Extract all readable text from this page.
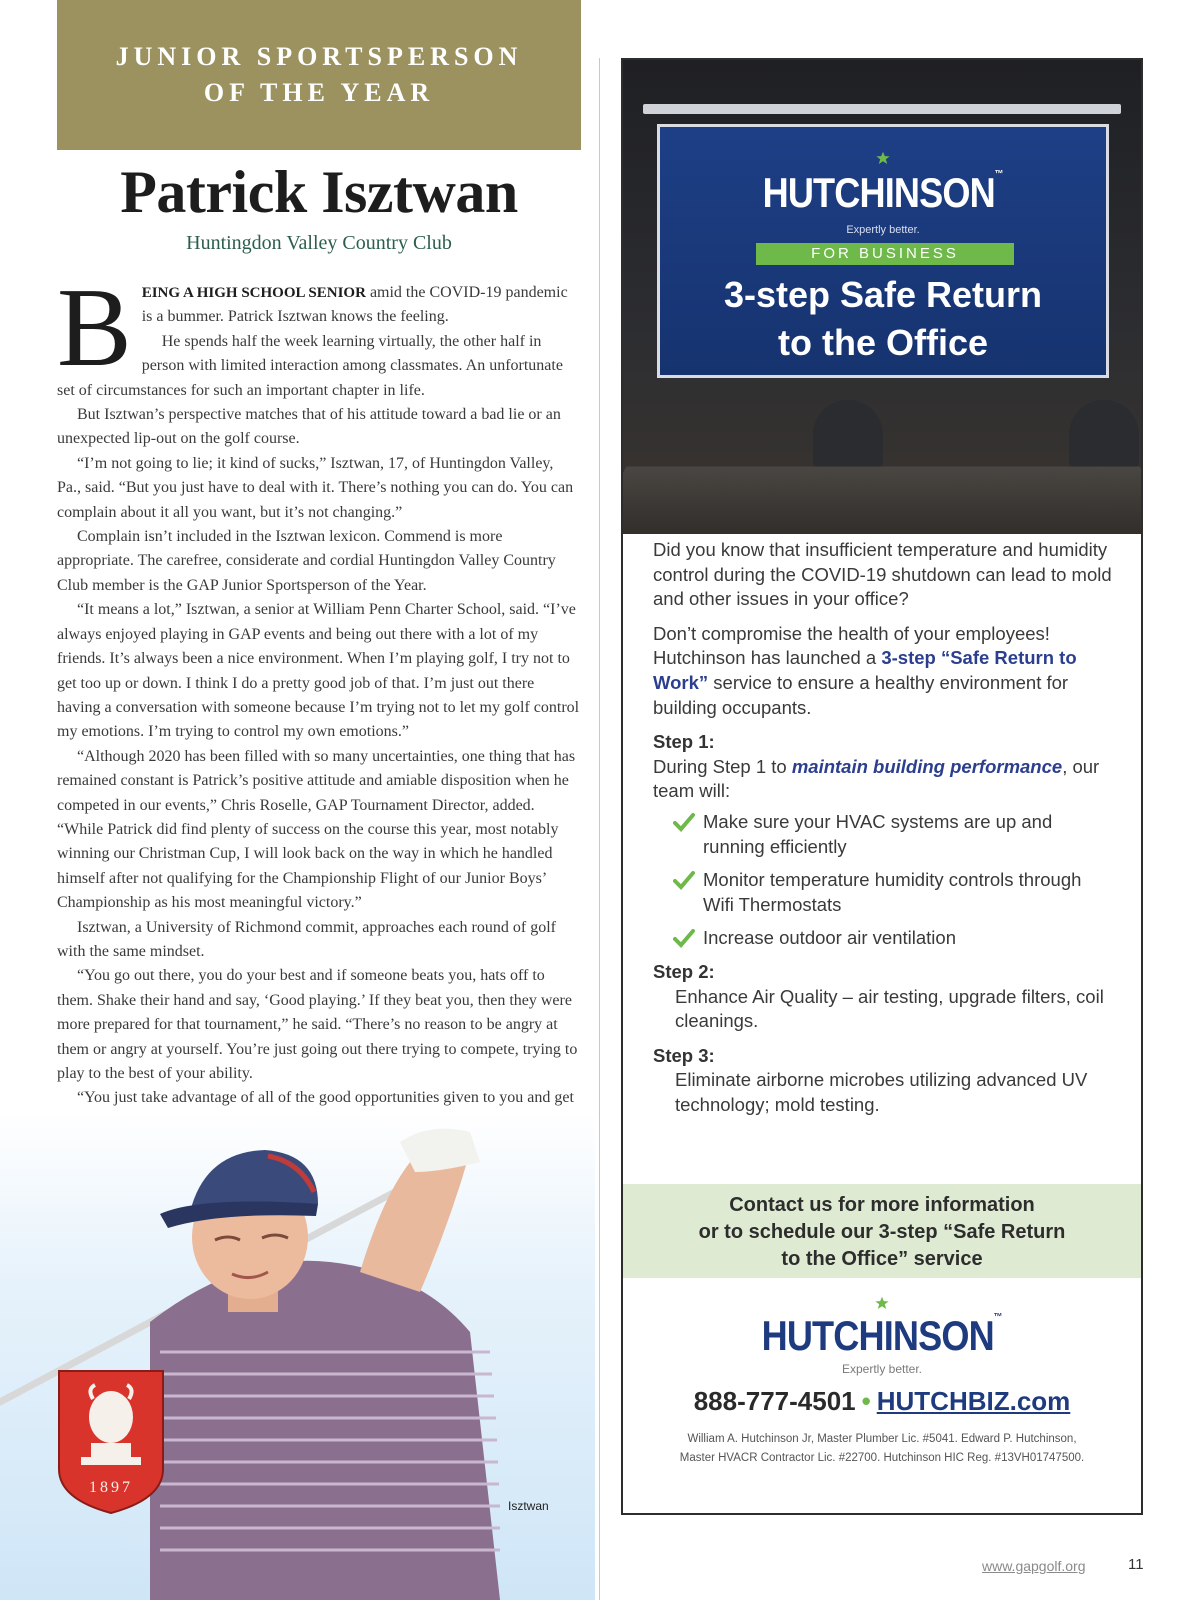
JUNIOR SPORTSPERSON
OF THE YEAR
Patrick Isztwan
Huntingdon Valley Country Club

BEING A HIGH SCHOOL SENIOR amid the COVID-19 pandemic is a bummer. Patrick Isztwan knows the feeling.

He spends half the week learning virtually, the other half in person with limited interaction among classmates. An unfortunate set of circumstances for such an important chapter in life.

But Isztwan’s perspective matches that of his attitude toward a bad lie or an unexpected lip-out on the golf course.

“I’m not going to lie; it kind of sucks,” Isztwan, 17, of Huntingdon Valley, Pa., said. “But you just have to deal with it. There’s nothing you can do. You can complain about it all you want, but it’s not changing.”

Complain isn’t included in the Isztwan lexicon. Commend is more appropriate. The carefree, considerate and cordial Huntingdon Valley Country Club member is the GAP Junior Sportsperson of the Year.

“It means a lot,” Isztwan, a senior at William Penn Charter School, said. “I’ve always enjoyed playing in GAP events and being out there with a lot of my friends. It’s always been a nice environment. When I’m playing golf, I try not to get too up or down. I think I do a pretty good job of that. I’m just out there having a conversation with someone because I’m trying not to let my golf control my emotions. I’m trying to control my own emotions.”

“Although 2020 has been filled with so many uncertainties, one thing that has remained constant is Patrick’s positive attitude and amiable disposition when he competed in our events,” Chris Roselle, GAP Tournament Director, added. “While Patrick did find plenty of success on the course this year, most notably winning our Christman Cup, I will look back on the way in which he handled himself after not qualifying for the Championship Flight of our Junior Boys’ Championship as his most meaningful victory.”

Isztwan, a University of Richmond commit, approaches each round of golf with the same mindset.

“You go out there, you do your best and if someone beats you, hats off to them. Shake their hand and say, ‘Good playing.’ If they beat you, then they were more prepared for that tournament,” he said. “There’s no reason to be angry at them or angry at yourself. You’re just going out there trying to compete, trying to play to the best of your ability.

“You just take advantage of all of the good opportunities given to you and get

1897
Isztwan
HUTCHINSON™
Expertly better.
FOR BUSINESS
3-step Safe Return
to the Office

Did you know that insufficient temperature and humidity control during the COVID-19 shutdown can lead to mold and other issues in your office?

Don’t compromise the health of your employees! Hutchinson has launched a 3-step “Safe Return to Work” service to ensure a healthy environment for building occupants.

Step 1:
During Step 1 to maintain building performance, our team will:
Make sure your HVAC systems are up and running efficiently
Monitor temperature humidity controls through Wifi Thermostats
Increase outdoor air ventilation
Step 2:
Enhance Air Quality – air testing, upgrade filters, coil cleanings.
Step 3:
Eliminate airborne microbes utilizing advanced UV technology; mold testing.
Contact us for more information
or to schedule our 3-step “Safe Return
to the Office” service
HUTCHINSON™
Expertly better.
888-777-4501 • HUTCHBIZ.com
William A. Hutchinson Jr, Master Plumber Lic. #5041. Edward P. Hutchinson,
Master HVACR Contractor Lic. #22700. Hutchinson HIC Reg. #13VH01747500.
www.gapgolf.org	11
